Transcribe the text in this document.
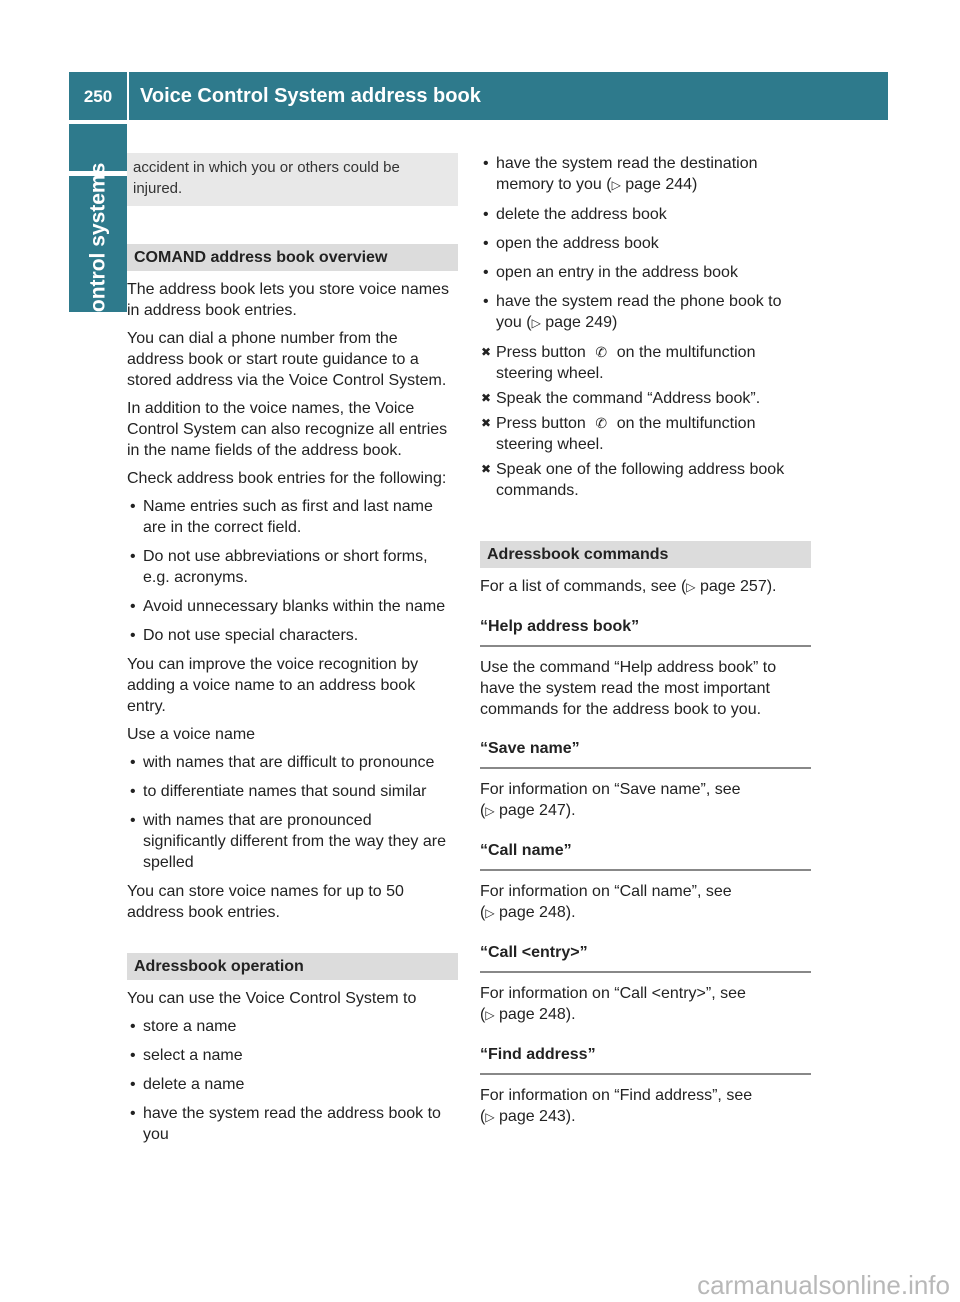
250	Voice Control System address book
Control systems	accident in which you or others could be injured.
COMAND address book overview

The address book lets you store voice names in address book entries.

You can dial a phone number from the address book or start route guidance to a stored address via the Voice Control System.

In addition to the voice names, the Voice Control System can also recognize all entries in the name fields of the address book.

Check address book entries for the following:

• Name entries such as first and last name are in the correct field.
• Do not use abbreviations or short forms, e.g. acronyms.
• Avoid unnecessary blanks within the name
• Do not use special characters.

You can improve the voice recognition by adding a voice name to an address book entry.

Use a voice name

• with names that are difficult to pronounce
• to differentiate names that sound similar
• with names that are pronounced significantly different from the way they are spelled

You can store voice names for up to 50 address book entries.

Adressbook operation

You can use the Voice Control System to

• store a name
• select a name
• delete a name
• have the system read the address book to you
• have the system read the destination memory to you (▷ page 244)
• delete the address book
• open the address book
• open an entry in the address book
• have the system read the phone book to you (▷ page 249)
✖ Press button ✆ on the multifunction steering wheel.
✖ Speak the command “Address book”.
✖ Press button ✆ on the multifunction steering wheel.
✖ Speak one of the following address book commands.
Adressbook commands

For a list of commands, see (▷ page 257).

“Help address book”

Use the command “Help address book” to have the system read the most important commands for the address book to you.

“Save name”

For information on “Save name”, see
(▷ page 247).

“Call name”

For information on “Call name”, see
(▷ page 248).

“Call <entry>”

For information on “Call <entry>”, see
(▷ page 248).

“Find address”

For information on “Find address”, see
(▷ page 243).

carmanualsonline.info
